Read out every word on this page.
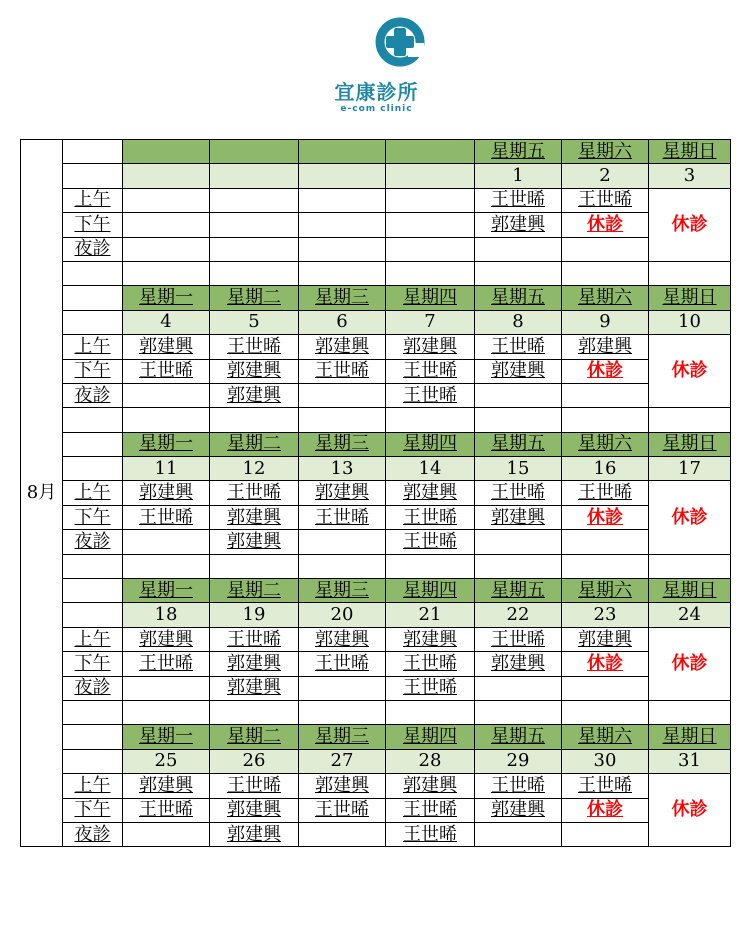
宜康診所
e-com clinic
8月						星期五	星期六	星期日
						1	2	3
	上午					王世晞	王世晞	休診
	下午					郭建興	休診	
	夜診							

		星期一	星期二	星期三	星期四	星期五	星期六	星期日
		4	5	6	7	8	9	10
	上午	郭建興	王世晞	郭建興	郭建興	王世晞	郭建興	休診
	下午	王世晞	郭建興	王世晞	王世晞	郭建興	休診	
	夜診		郭建興		王世晞			

		星期一	星期二	星期三	星期四	星期五	星期六	星期日
		11	12	13	14	15	16	17
	上午	郭建興	王世晞	郭建興	郭建興	王世晞	王世晞	休診
	下午	王世晞	郭建興	王世晞	王世晞	郭建興	休診	
	夜診		郭建興		王世晞			

		星期一	星期二	星期三	星期四	星期五	星期六	星期日
		18	19	20	21	22	23	24
	上午	郭建興	王世晞	郭建興	郭建興	王世晞	郭建興	休診
	下午	王世晞	郭建興	王世晞	王世晞	郭建興	休診	
	夜診		郭建興		王世晞			

		星期一	星期二	星期三	星期四	星期五	星期六	星期日
		25	26	27	28	29	30	31
	上午	郭建興	王世晞	郭建興	郭建興	王世晞	王世晞	休診
	下午	王世晞	郭建興	王世晞	王世晞	郭建興	休診	
	夜診		郭建興		王世晞			
